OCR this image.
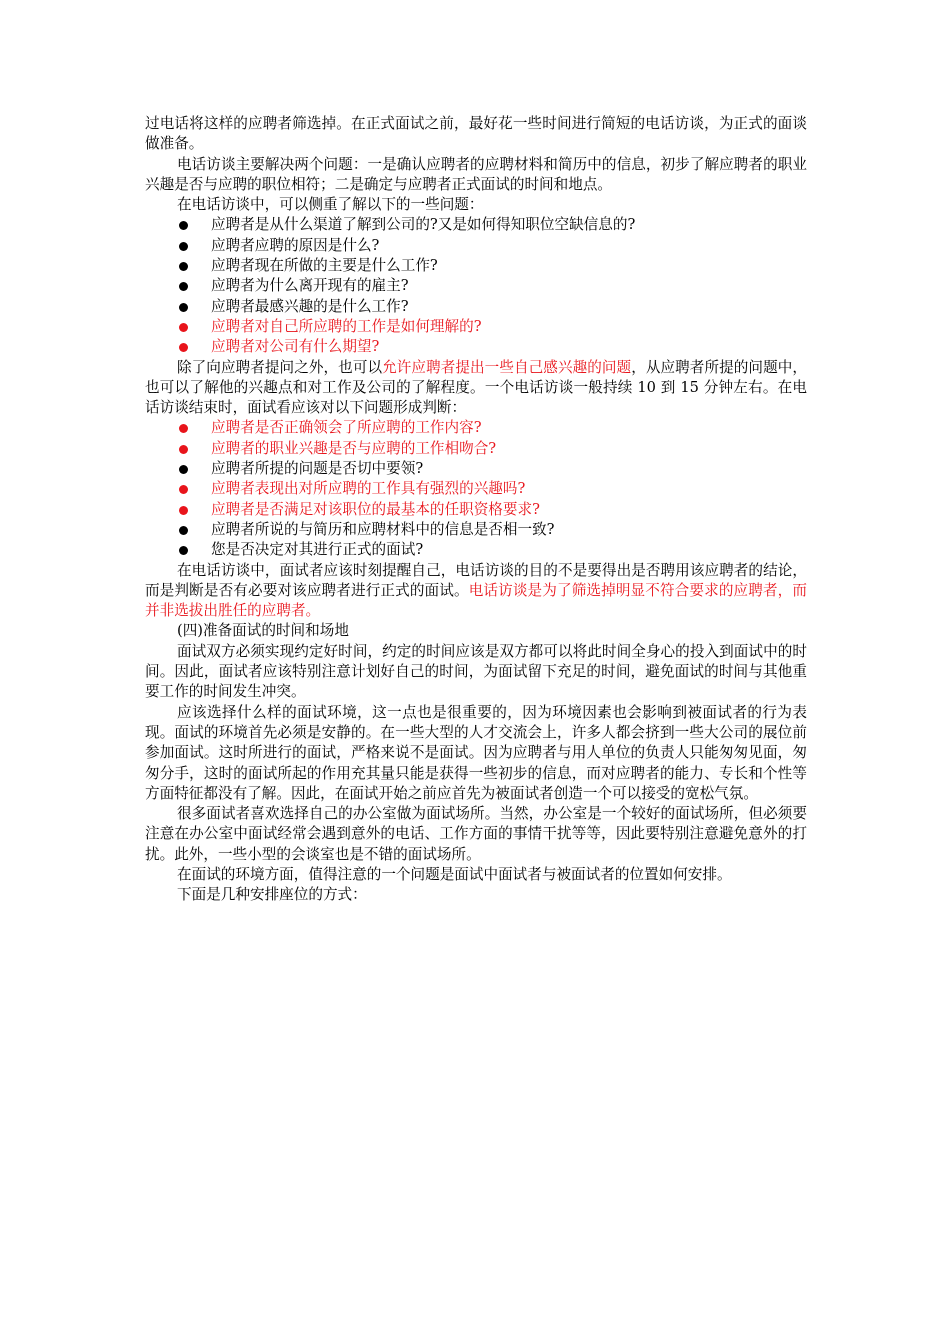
过电话将这样的应聘者筛选掉。在正式面试之前，最好花一些时间进行简短的电话访谈，为正式的面谈做准备。

电话访谈主要解决两个问题：一是确认应聘者的应聘材料和简历中的信息，初步了解应聘者的职业兴趣是否与应聘的职位相符；二是确定与应聘者正式面试的时间和地点。

在电话访谈中，可以侧重了解以下的一些问题：

应聘者是从什么渠道了解到公司的?又是如何得知职位空缺信息的?
应聘者应聘的原因是什么?
应聘者现在所做的主要是什么工作?
应聘者为什么离开现有的雇主?
应聘者最感兴趣的是什么工作?
应聘者对自己所应聘的工作是如何理解的?
应聘者对公司有什么期望?

除了向应聘者提问之外，也可以允许应聘者提出一些自己感兴趣的问题，从应聘者所提的问题中，也可以了解他的兴趣点和对工作及公司的了解程度。一个电话访谈一般持续 10 到 15 分钟左右。在电话访谈结束时，面试看应该对以下问题形成判断：

应聘者是否正确领会了所应聘的工作内容?
应聘者的职业兴趣是否与应聘的工作相吻合?
应聘者所提的问题是否切中要领?
应聘者表现出对所应聘的工作具有强烈的兴趣吗?
应聘者是否满足对该职位的最基本的任职资格要求?
应聘者所说的与简历和应聘材料中的信息是否相一致?
您是否决定对其进行正式的面试?

在电话访谈中，面试者应该时刻提醒自己，电话访谈的目的不是要得出是否聘用该应聘者的结论，而是判断是否有必要对该应聘者进行正式的面试。电话访谈是为了筛选掉明显不符合要求的应聘者，而并非选拔出胜任的应聘者。

(四)准备面试的时间和场地

面试双方必须实现约定好时间，约定的时间应该是双方都可以将此时间全身心的投入到面试中的时间。因此，面试者应该特别注意计划好自己的时间，为面试留下充足的时间，避免面试的时间与其他重要工作的时间发生冲突。

应该选择什么样的面试环境，这一点也是很重要的，因为环境因素也会影响到被面试者的行为表现。面试的环境首先必须是安静的。在一些大型的人才交流会上，许多人都会挤到一些大公司的展位前参加面试。这时所进行的面试，严格来说不是面试。因为应聘者与用人单位的负责人只能匆匆见面，匆匆分手，这时的面试所起的作用充其量只能是获得一些初步的信息，而对应聘者的能力、专长和个性等方面特征都没有了解。因此，在面试开始之前应首先为被面试者创造一个可以接受的宽松气氛。

很多面试者喜欢选择自己的办公室做为面试场所。当然，办公室是一个较好的面试场所，但必须要注意在办公室中面试经常会遇到意外的电话、工作方面的事情干扰等等，因此要特别注意避免意外的打扰。此外，一些小型的会谈室也是不错的面试场所。

在面试的环境方面，值得注意的一个问题是面试中面试者与被面试者的位置如何安排。

下面是几种安排座位的方式：
